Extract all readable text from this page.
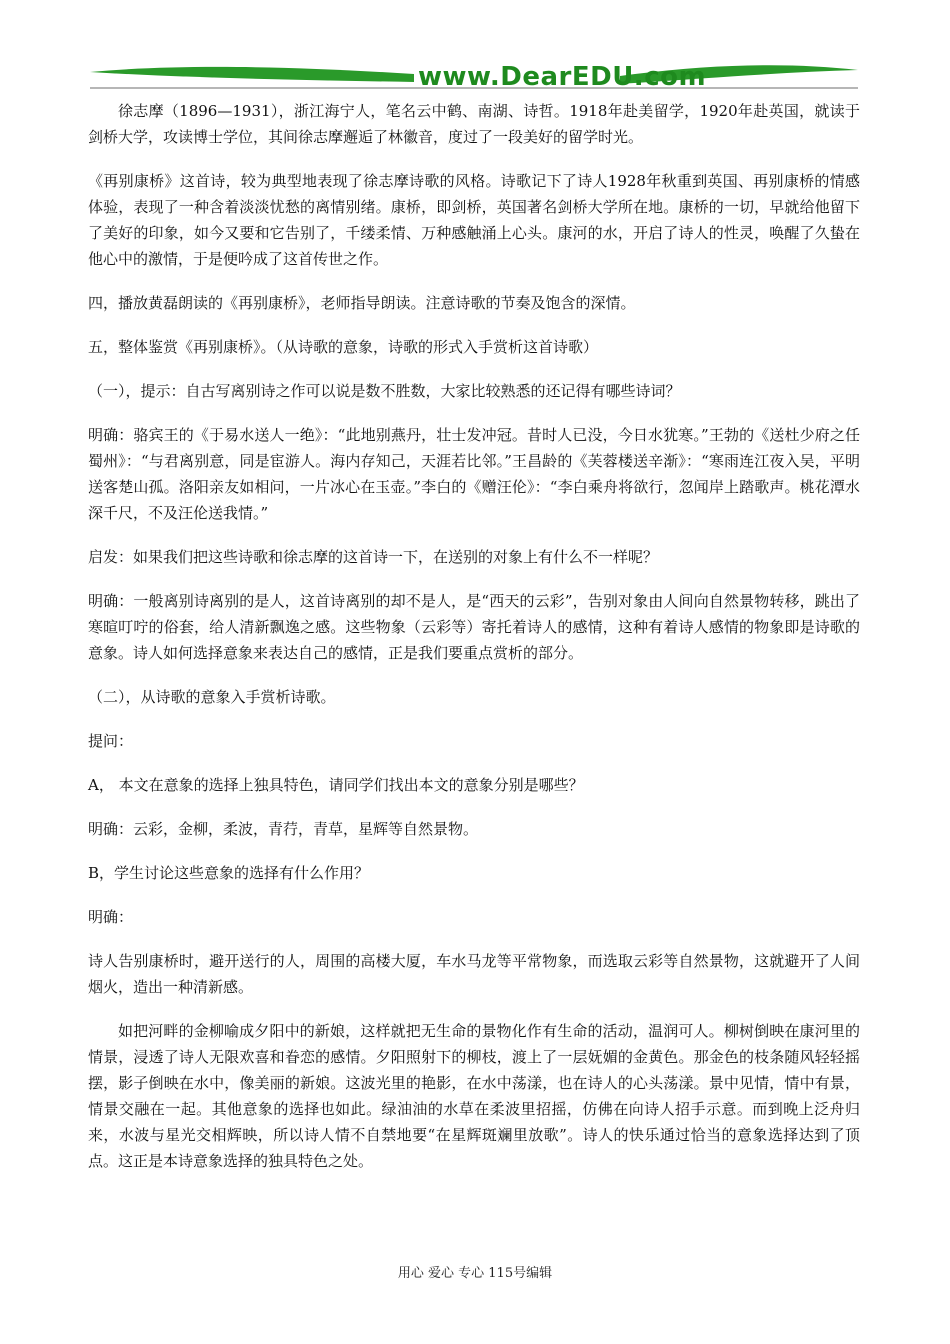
www.DearEDU.com

徐志摩（1896—1931），浙江海宁人，笔名云中鹤、南湖、诗哲。1918年赴美留学，1920年赴英国，就读于剑桥大学，攻读博士学位，其间徐志摩邂逅了林徽音，度过了一段美好的留学时光。

《再别康桥》这首诗，较为典型地表现了徐志摩诗歌的风格。诗歌记下了诗人1928年秋重到英国、再别康桥的情感体验，表现了一种含着淡淡忧愁的离情别绪。康桥，即剑桥，英国著名剑桥大学所在地。康桥的一切，早就给他留下了美好的印象，如今又要和它告别了，千缕柔情、万种感触涌上心头。康河的水，开启了诗人的性灵，唤醒了久蛰在他心中的激情，于是便吟成了这首传世之作。

四，播放黄磊朗读的《再别康桥》，老师指导朗读。注意诗歌的节奏及饱含的深情。

五，整体鉴赏《再别康桥》。（从诗歌的意象，诗歌的形式入手赏析这首诗歌）

（一），提示：自古写离别诗之作可以说是数不胜数，大家比较熟悉的还记得有哪些诗词？

明确：骆宾王的《于易水送人一绝》：“此地别燕丹，壮士发冲冠。昔时人已没，今日水犹寒。”王勃的《送杜少府之任蜀州》：“与君离别意，同是宦游人。海内存知己，天涯若比邻。”王昌龄的《芙蓉楼送辛渐》：“寒雨连江夜入吴，平明送客楚山孤。洛阳亲友如相问，一片冰心在玉壶。”李白的《赠汪伦》：“李白乘舟将欲行，忽闻岸上踏歌声。桃花潭水深千尺，不及汪伦送我情。”

启发：如果我们把这些诗歌和徐志摩的这首诗一下，在送别的对象上有什么不一样呢？

明确：一般离别诗离别的是人，这首诗离别的却不是人，是“西天的云彩”，告别对象由人间向自然景物转移，跳出了寒暄叮咛的俗套，给人清新飘逸之感。这些物象（云彩等）寄托着诗人的感情，这种有着诗人感情的物象即是诗歌的意象。诗人如何选择意象来表达自己的感情，正是我们要重点赏析的部分。

（二），从诗歌的意象入手赏析诗歌。

提问：

A， 本文在意象的选择上独具特色，请同学们找出本文的意象分别是哪些？

明确：云彩，金柳，柔波，青荇，青草，星辉等自然景物。

B，学生讨论这些意象的选择有什么作用？

明确：

诗人告别康桥时，避开送行的人，周围的高楼大厦，车水马龙等平常物象，而选取云彩等自然景物，这就避开了人间烟火，造出一种清新感。

如把河畔的金柳喻成夕阳中的新娘，这样就把无生命的景物化作有生命的活动，温润可人。柳树倒映在康河里的情景，浸透了诗人无限欢喜和眷恋的感情。夕阳照射下的柳枝，渡上了一层妩媚的金黄色。那金色的枝条随风轻轻摇摆，影子倒映在水中，像美丽的新娘。这波光里的艳影，在水中荡漾，也在诗人的心头荡漾。景中见情，情中有景，情景交融在一起。其他意象的选择也如此。绿油油的水草在柔波里招摇，仿佛在向诗人招手示意。而到晚上泛舟归来，水波与星光交相辉映，所以诗人情不自禁地要“在星辉斑斓里放歌”。诗人的快乐通过恰当的意象选择达到了顶点。这正是本诗意象选择的独具特色之处。

用心 爱心 专心 115号编辑
